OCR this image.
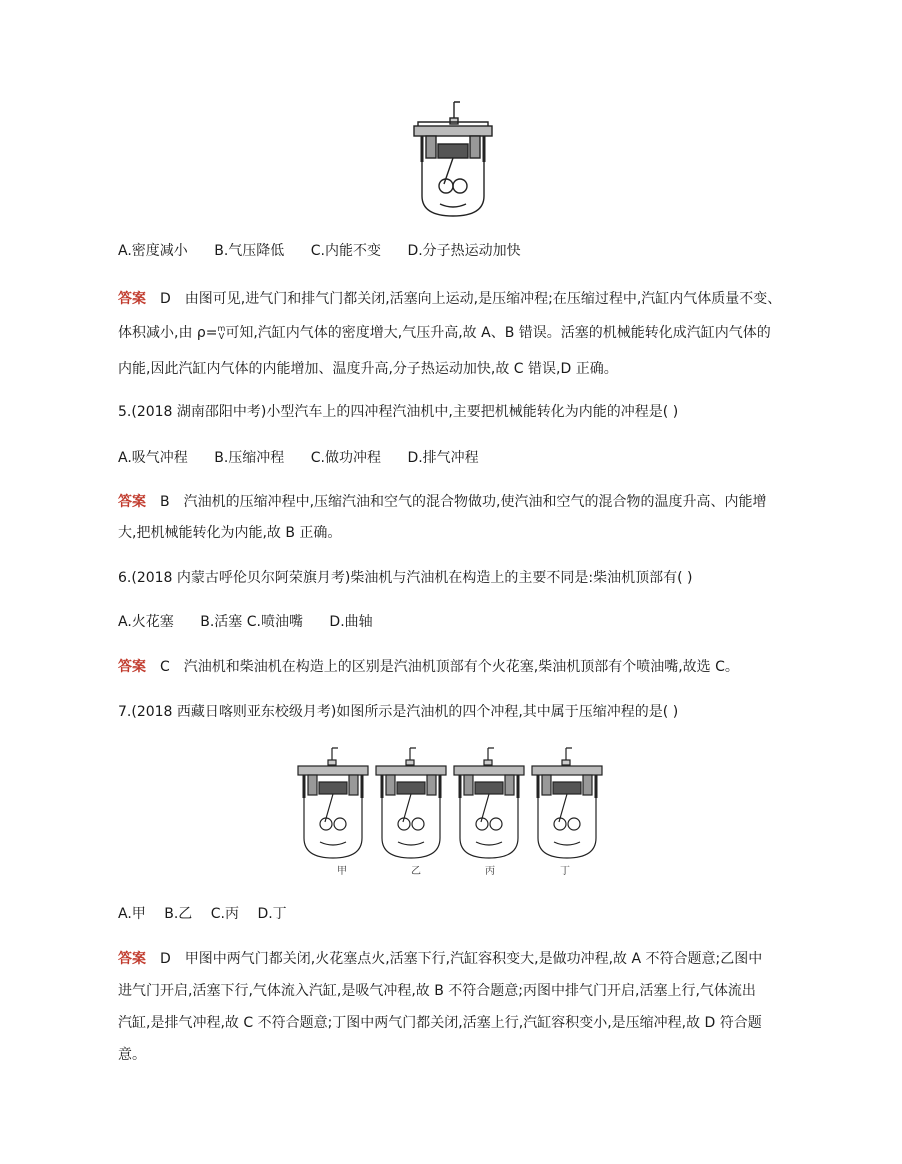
A.密度减小 B.气压降低 C.内能不变 D.分子热运动加快
答案 D 由图可见,进气门和排气门都关闭,活塞向上运动,是压缩冲程;在压缩过程中,汽缸内气体质量不变、
体积减小,由 ρ=m
V可知,汽缸内气体的密度增大,气压升高,故 A、B 错误。活塞的机械能转化成汽缸内气体的
内能,因此汽缸内气体的内能增加、温度升高,分子热运动加快,故 C 错误,D 正确。
5.(2018 湖南邵阳中考)小型汽车上的四冲程汽油机中,主要把机械能转化为内能的冲程是( )
A.吸气冲程 B.压缩冲程 C.做功冲程 D.排气冲程
答案 B 汽油机的压缩冲程中,压缩汽油和空气的混合物做功,使汽油和空气的混合物的温度升高、内能增
大,把机械能转化为内能,故 B 正确。
6.(2018 内蒙古呼伦贝尔阿荣旗月考)柴油机与汽油机在构造上的主要不同是:柴油机顶部有( )
A.火花塞 B.活塞 C.喷油嘴 D.曲轴
答案 C 汽油机和柴油机在构造上的区别是汽油机顶部有个火花塞,柴油机顶部有个喷油嘴,故选 C。
7.(2018 西藏日喀则亚东校级月考)如图所示是汽油机的四个冲程,其中属于压缩冲程的是( )
甲	乙	丙	丁
A.甲 B.乙 C.丙 D.丁
答案 D 甲图中两气门都关闭,火花塞点火,活塞下行,汽缸容积变大,是做功冲程,故 A 不符合题意;乙图中
进气门开启,活塞下行,气体流入汽缸,是吸气冲程,故 B 不符合题意;丙图中排气门开启,活塞上行,气体流出
汽缸,是排气冲程,故 C 不符合题意;丁图中两气门都关闭,活塞上行,汽缸容积变小,是压缩冲程,故 D 符合题
意。
